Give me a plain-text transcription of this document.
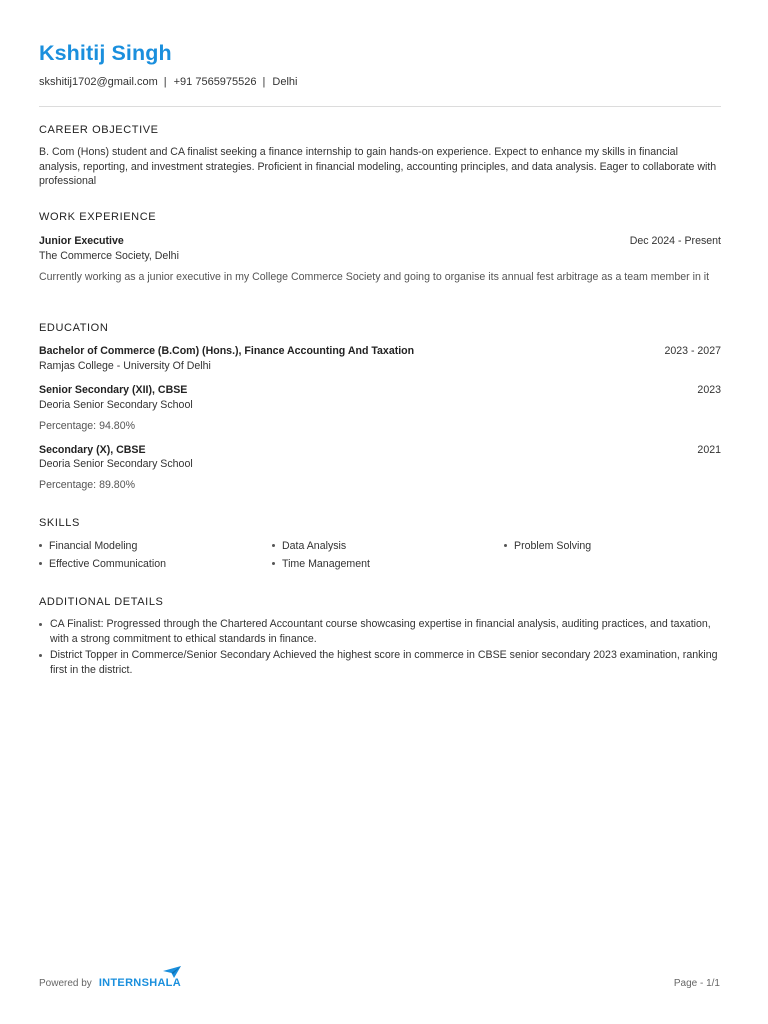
Kshitij Singh
skshitij1702@gmail.com | +91 7565975526 | Delhi
CAREER OBJECTIVE
B. Com (Hons) student and CA finalist seeking a finance internship to gain hands-on experience. Expect to enhance my skills in financial analysis, reporting, and investment strategies. Proficient in financial modeling, accounting principles, and data analysis. Eager to collaborate with professional
WORK EXPERIENCE
Junior Executive	Dec 2024 - Present
The Commerce Society, Delhi
Currently working as a junior executive in my College Commerce Society and going to organise its annual fest arbitrage as a team member in it
EDUCATION
Bachelor of Commerce (B.Com) (Hons.), Finance Accounting And Taxation	2023 - 2027
Ramjas College - University Of Delhi
Senior Secondary (XII), CBSE	2023
Deoria Senior Secondary School
Percentage: 94.80%
Secondary (X), CBSE	2021
Deoria Senior Secondary School
Percentage: 89.80%
SKILLS
Financial Modeling	Data Analysis	Problem Solving
Effective Communication	Time Management
ADDITIONAL DETAILS
CA Finalist: Progressed through the Chartered Accountant course showcasing expertise in financial analysis, auditing practices, and taxation, with a strong commitment to ethical standards in finance.
District Topper in Commerce/Senior Secondary Achieved the highest score in commerce in CBSE senior secondary 2023 examination, ranking first in the district.
Powered by INTERNSHALA	Page - 1/1
